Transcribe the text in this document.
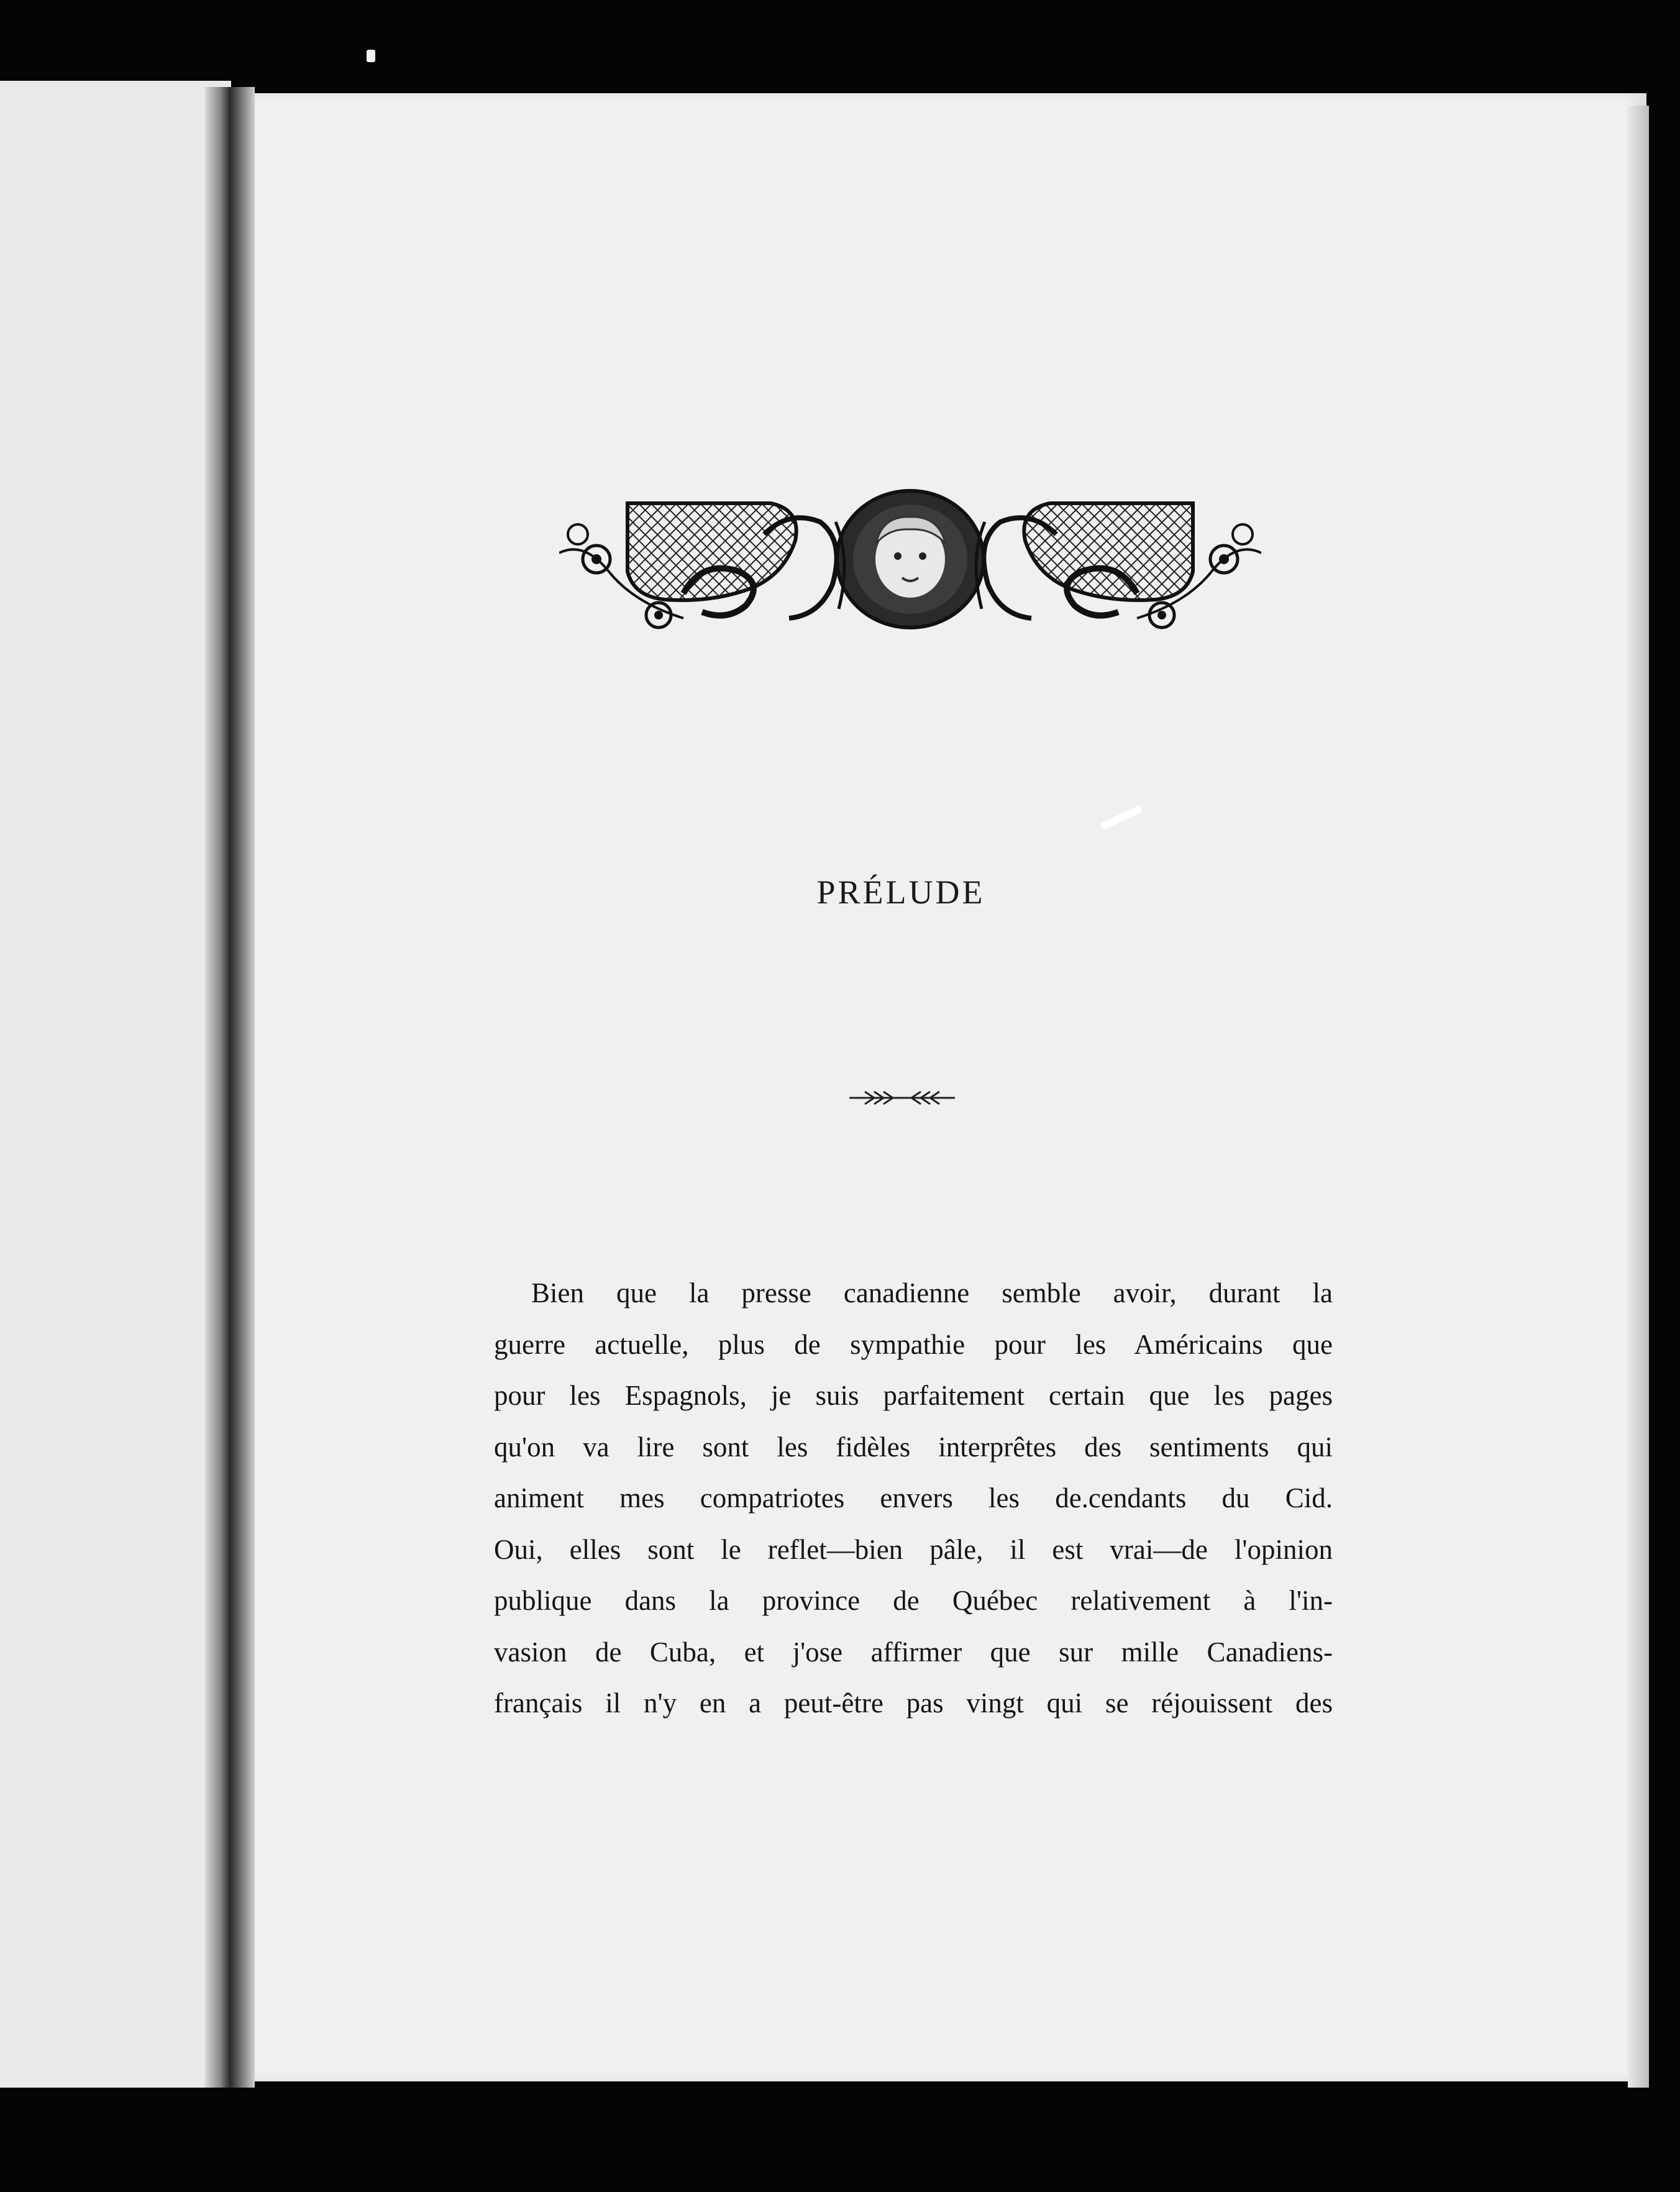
PRÉLUDE
Bi⁠en que la presse canadienne semble avoir, durant la
guerre actuelle, plus de sympathie pour les Américains que
pour les Espagnols, je suis parfaitement certain que les pages
qu'on va lire sont les fidèles interprêtes des sentiments qui
animent mes compatriotes envers les de.cendants du Cid.
Oui, elles sont le reflet—bien pâle, il est vrai—de l'opinion
publique dans la province de Québec relativement à l'in-
vasion de Cuba, et j'ose affirmer que sur mille Canadiens-
français il n'y en a peut-être pas vingt qui se réjouissent des
